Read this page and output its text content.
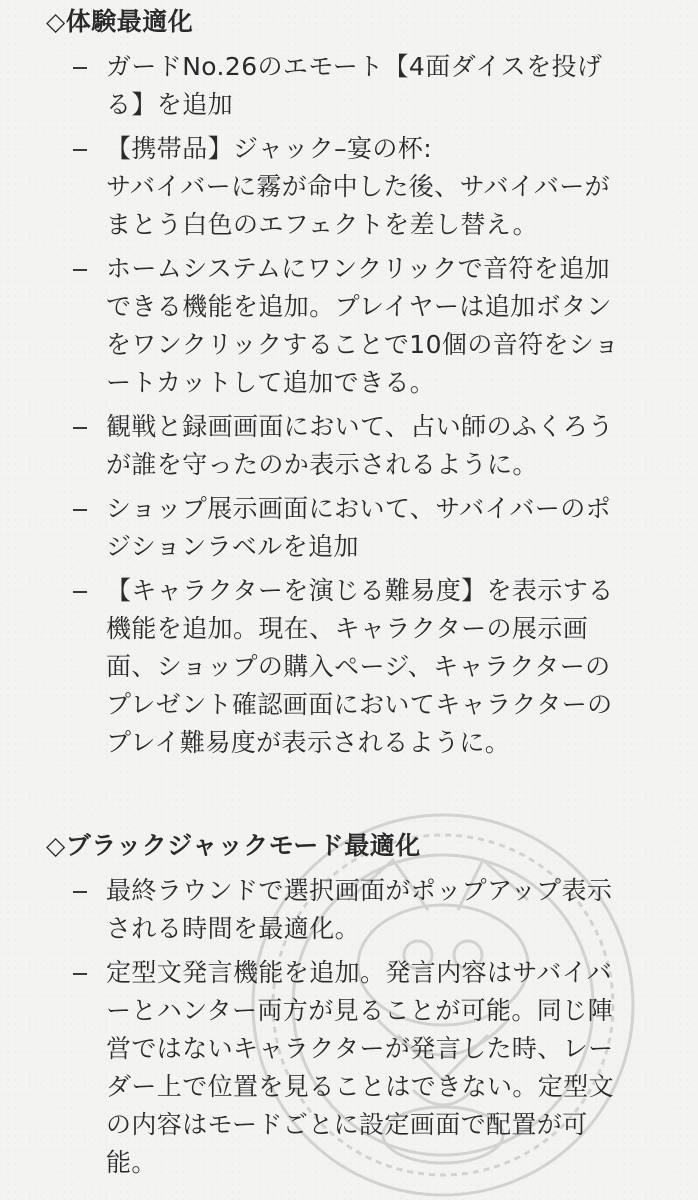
◇体験最適化
ガードNo.26のエモート【4面ダイスを投げ
る】を追加
【携帯品】ジャック–宴の杯:
サバイバーに霧が命中した後、サバイバーが
まとう白色のエフェクトを差し替え。
ホームシステムにワンクリックで音符を追加
できる機能を追加。プレイヤーは追加ボタン
をワンクリックすることで10個の音符をショ
ートカットして追加できる。
観戦と録画画面において、占い師のふくろう
が誰を守ったのか表示されるように。
ショップ展示画面において、サバイバーのポ
ジションラベルを追加
【キャラクターを演じる難易度】を表示する
機能を追加。現在、キャラクターの展示画
面、ショップの購入ページ、キャラクターの
プレゼント確認画面においてキャラクターの
プレイ難易度が表示されるように。
◇ブラックジャックモード最適化
最終ラウンドで選択画面がポップアップ表示
される時間を最適化。
定型文発言機能を追加。発言内容はサバイバ
ーとハンター両方が見ることが可能。同じ陣
営ではないキャラクターが発言した時、レー
ダー上で位置を見ることはできない。定型文
の内容はモードごとに設定画面で配置が可
能。
